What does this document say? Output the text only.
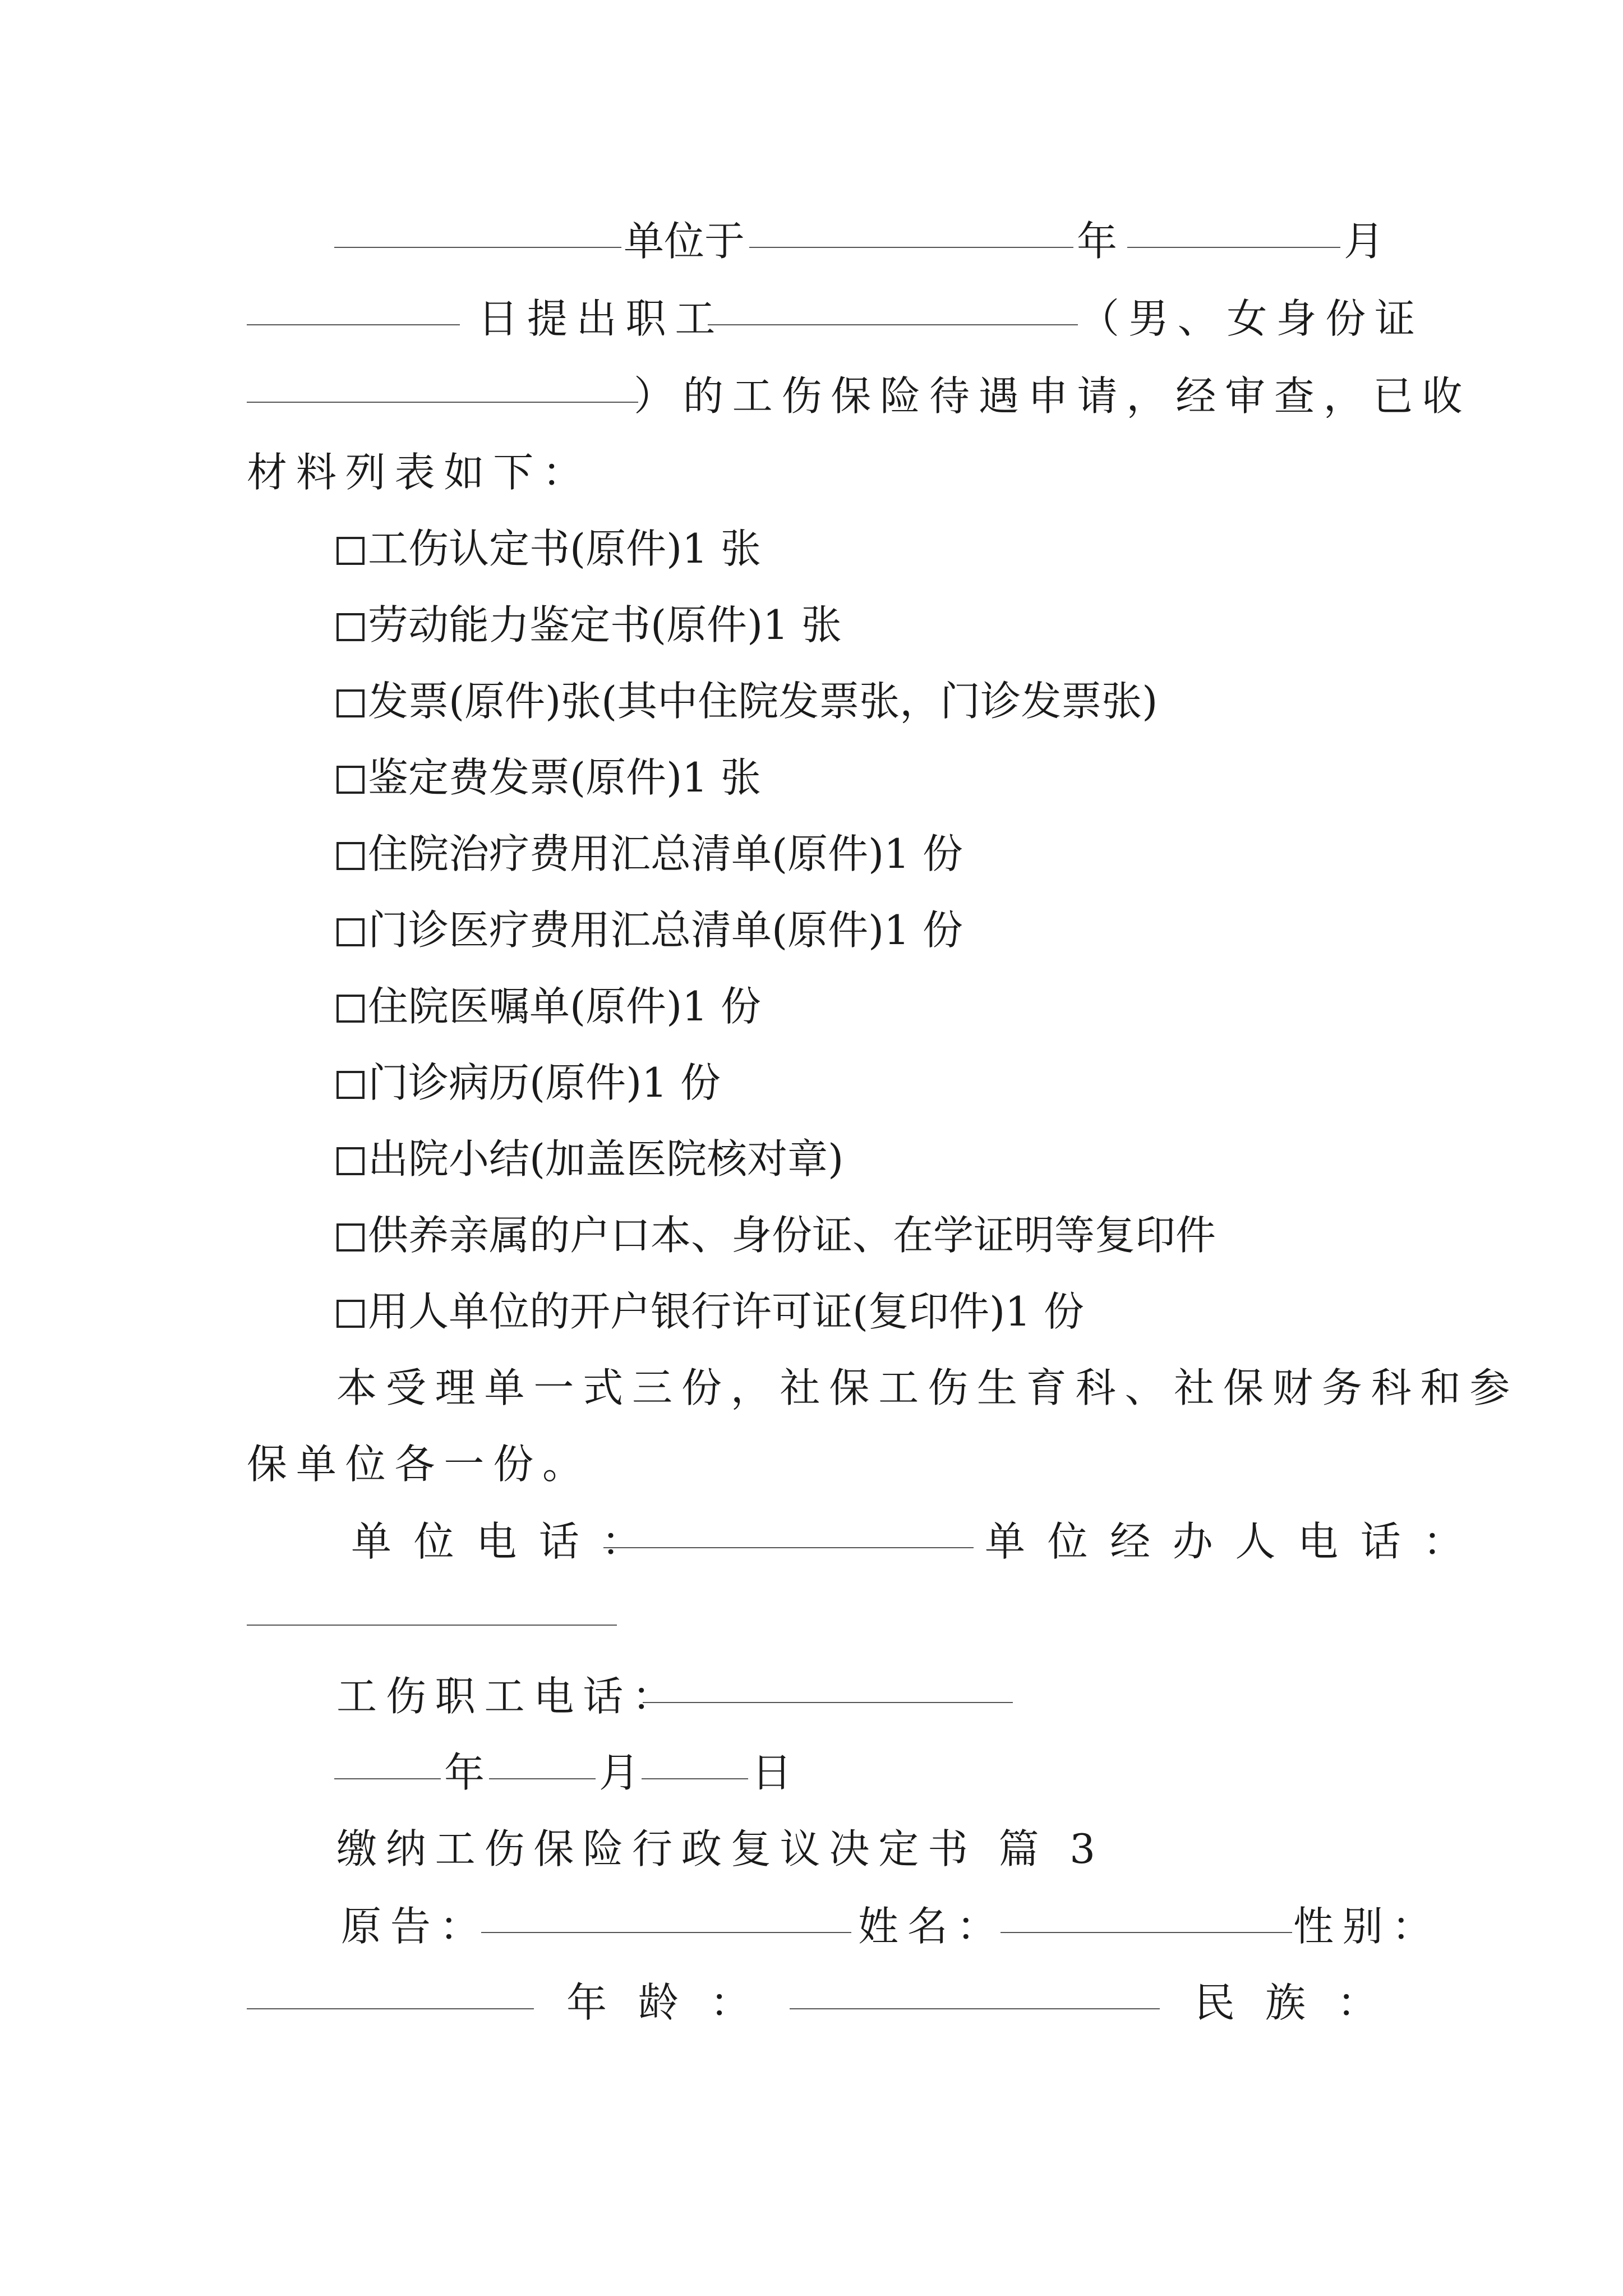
单位于	年	月
日提出职工	（男、女身份证
）的工伤保险待遇申请，经审查，已收
材料列表如下：
工伤认定书(原件)1 张
劳动能力鉴定书(原件)1 张
发票(原件)张(其中住院发票张，门诊发票张)
鉴定费发票(原件)1 张
住院治疗费用汇总清单(原件)1 份
门诊医疗费用汇总清单(原件)1 份
住院医嘱单(原件)1 份
门诊病历(原件)1 份
出院小结(加盖医院核对章)
供养亲属的户口本、身份证、在学证明等复印件
用人单位的开户银行许可证(复印件)1 份
本受理单一式三份，社保工伤生育科、社保财务科和参
保单位各一份。
单位电话：	单位经办人电话：
工伤职工电话：
年	月	日
缴纳工伤保险行政复议决定书 篇 3
原告：	姓名：	性别：
年 龄 ：	民 族 ：
